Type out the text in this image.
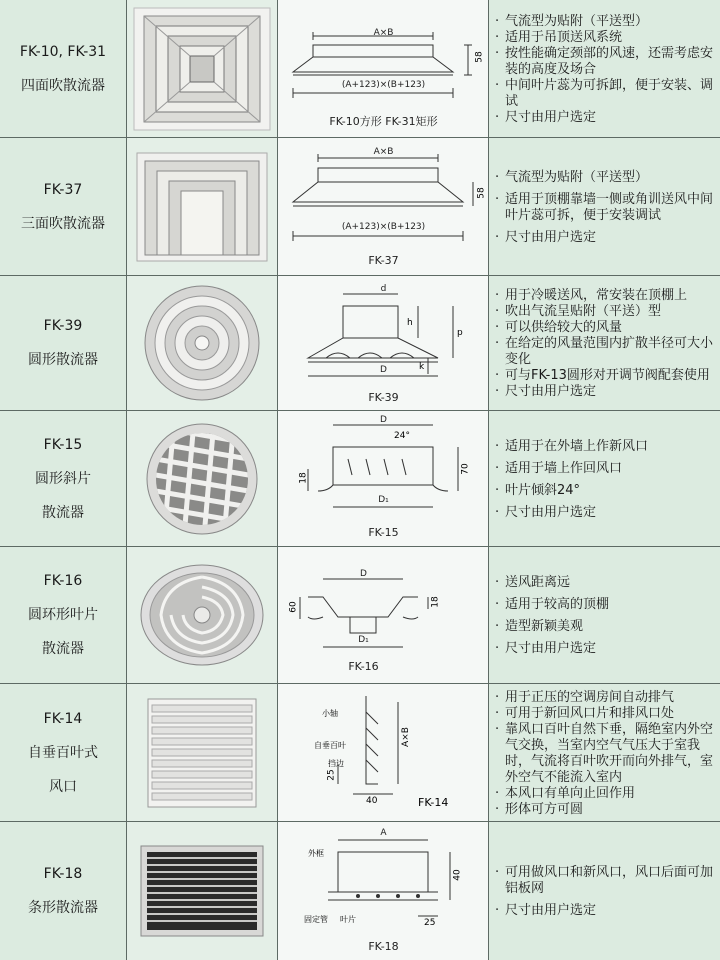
FK-10, FK-31
四面吹散流器
A×B
(A+123)×(B+123)
58
FK-10方形 FK-31矩形
· 气流型为贴附（平送型）
· 适用于吊顶送风系统
· 按性能确定颈部的风速，还需考虑安装的高度及场合
· 中间叶片蕊为可拆卸，便于安装、调试
· 尺寸由用户选定
FK-37
三面吹散流器
A×B
(A+123)×(B+123)
58
FK-37
· 气流型为贴附（平送型）
· 适用于顶棚靠墙一侧或角训送风中间叶片蕊可拆，便于安装调试
· 尺寸由用户选定
FK-39
圆形散流器
d
D
h
p
k
FK-39
· 用于冷暖送风，常安装在顶棚上
· 吹出气流呈贴附（平送）型
· 可以供给较大的风量
· 在给定的风量范围内扩散半径可大小变化
· 可与FK-13圆形对开调节阀配套使用
· 尺寸由用户选定
FK-15
圆形斜片
散流器
D
24°
D₁
18
70
FK-15
· 适用于在外墙上作新风口
· 适用于墙上作回风口
· 叶片倾斜24°
· 尺寸由用户选定
FK-16
圆环形叶片
散流器
D
D₁
60	18
FK-16
· 送风距离远
· 适用于较高的顶棚
· 造型新颖美观
· 尺寸由用户选定
FK-14
自垂百叶式
风口
小轴
自垂百叶
挡边
A×B
25
40	FK-14
· 用于正压的空调房间自动排气
· 可用于新回风口片和排风口处
· 靠风口百叶自然下垂，隔绝室内外空气交换，当室内空气气压大于室我时，气流将百叶吹开而向外排气，室外空气不能流入室内
· 本风口有单向止回作用
· 形体可方可圆
FK-18
条形散流器
外框
A
固定管 叶片
40
25
FK-18
· 可用做风口和新风口，风口后面可加铝板网
· 尺寸由用户选定
